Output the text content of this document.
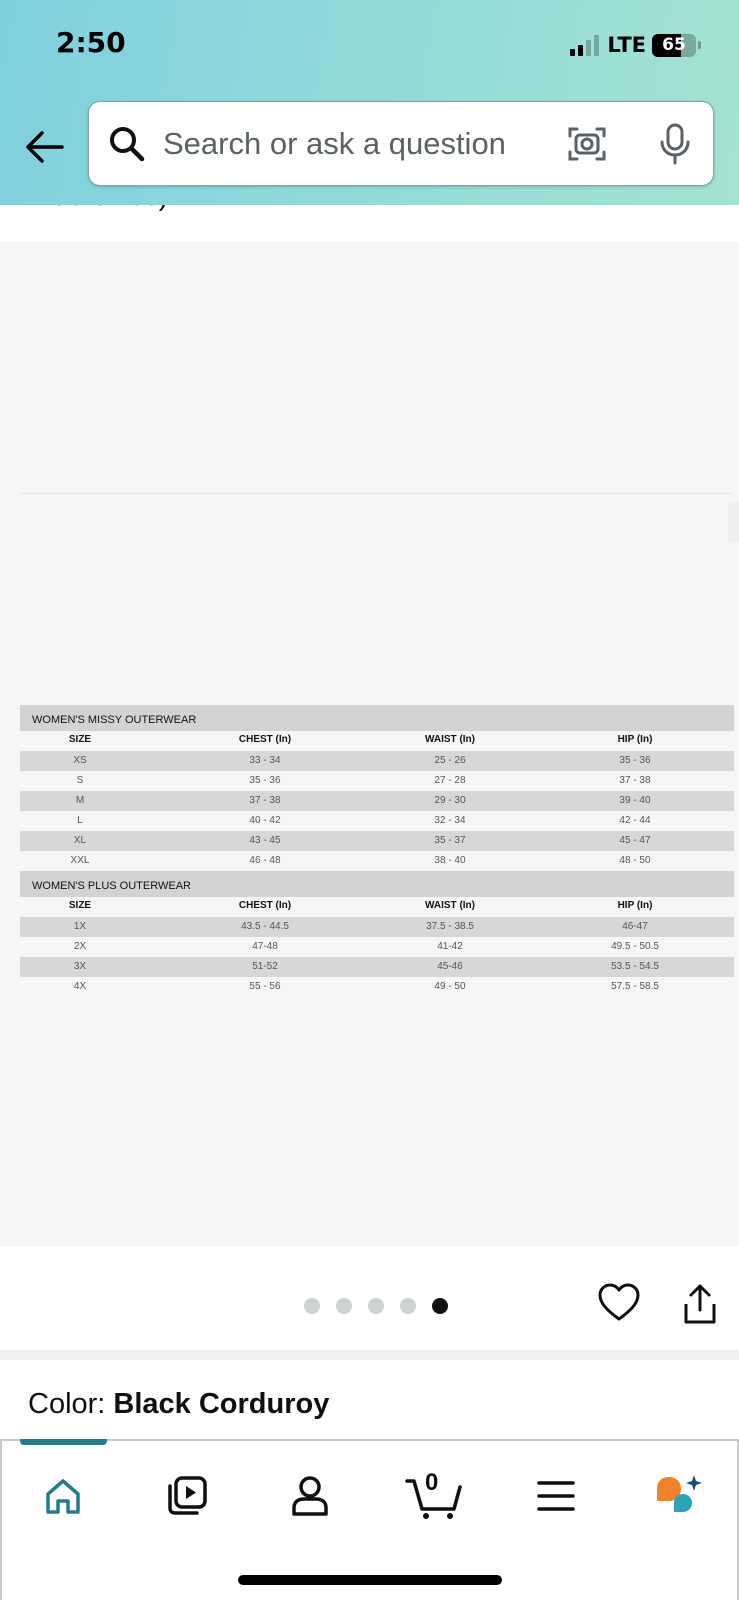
WOMEN'S MISSY OUTERWEAR
SIZE	CHEST (In)	WAIST (In)	HIP (In)
XS	33 - 34	25 - 26	35 - 36
S	35 - 36	27 - 28	37 - 38
M	37 - 38	29 - 30	39 - 40
L	40 - 42	32 - 34	42 - 44
XL	43 - 45	35 - 37	45 - 47
XXL	46 - 48	38 - 40	48 - 50
WOMEN'S PLUS OUTERWEAR
SIZE	CHEST (In)	WAIST (In)	HIP (In)
1X	43.5 - 44.5	37.5 - 38.5	46-47
2X	47-48	41-42	49.5 - 50.5
3X	51-52	45-46	53.5 - 54.5
4X	55 - 56	49 - 50	57.5 - 58.5
Color: Black Corduroy
2:50	LTE 65
Search or ask a question
0
